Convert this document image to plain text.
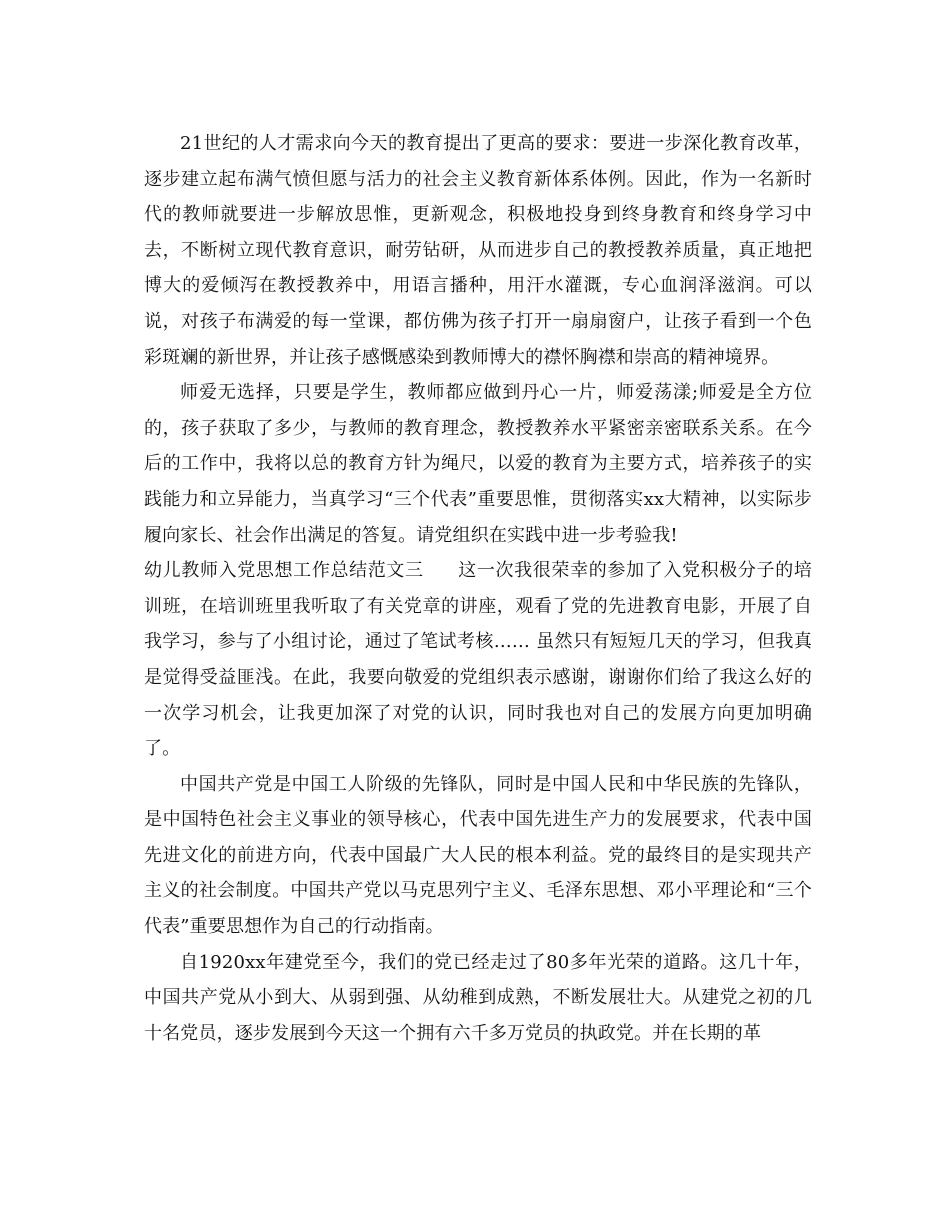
21世纪的人才需求向今天的教育提出了更高的要求：要进一步深化教育改革，逐步建立起布满气愤但愿与活力的社会主义教育新体系体例。因此，作为一名新时代的教师就要进一步解放思惟，更新观念，积极地投身到终身教育和终身学习中去，不断树立现代教育意识，耐劳钻研，从而进步自己的教授教养质量，真正地把博大的爱倾泻在教授教养中，用语言播种，用汗水灌溉，专心血润泽滋润。可以说，对孩子布满爱的每一堂课，都仿佛为孩子打开一扇扇窗户，让孩子看到一个色彩斑斓的新世界，并让孩子感慨感染到教师博大的襟怀胸襟和崇高的精神境界。

师爱无选择，只要是学生，教师都应做到丹心一片，师爱荡漾;师爱是全方位的，孩子获取了多少，与教师的教育理念，教授教养水平紧密亲密联系关系。在今后的工作中，我将以总的教育方针为绳尺，以爱的教育为主要方式，培养孩子的实践能力和立异能力，当真学习“三个代表”重要思惟，贯彻落实xx大精神，以实际步履向家长、社会作出满足的答复。请党组织在实践中进一步考验我!

幼儿教师入党思想工作总结范文三 这一次我很荣幸的参加了入党积极分子的培训班，在培训班里我听取了有关党章的讲座，观看了党的先进教育电影，开展了自我学习，参与了小组讨论，通过了笔试考核…… 虽然只有短短几天的学习，但我真是觉得受益匪浅。在此，我要向敬爱的党组织表示感谢，谢谢你们给了我这么好的一次学习机会，让我更加深了对党的认识，同时我也对自己的发展方向更加明确了。

中国共产党是中国工人阶级的先锋队，同时是中国人民和中华民族的先锋队，是中国特色社会主义事业的领导核心，代表中国先进生产力的发展要求，代表中国先进文化的前进方向，代表中国最广大人民的根本利益。党的最终目的是实现共产主义的社会制度。中国共产党以马克思列宁主义、毛泽东思想、邓小平理论和“三个代表”重要思想作为自己的行动指南。

自1920xx年建党至今，我们的党已经走过了80多年光荣的道路。这几十年，中国共产党从小到大、从弱到强、从幼稚到成熟，不断发展壮大。从建党之初的几十名党员，逐步发展到今天这一个拥有六千多万党员的执政党。并在长期的革
